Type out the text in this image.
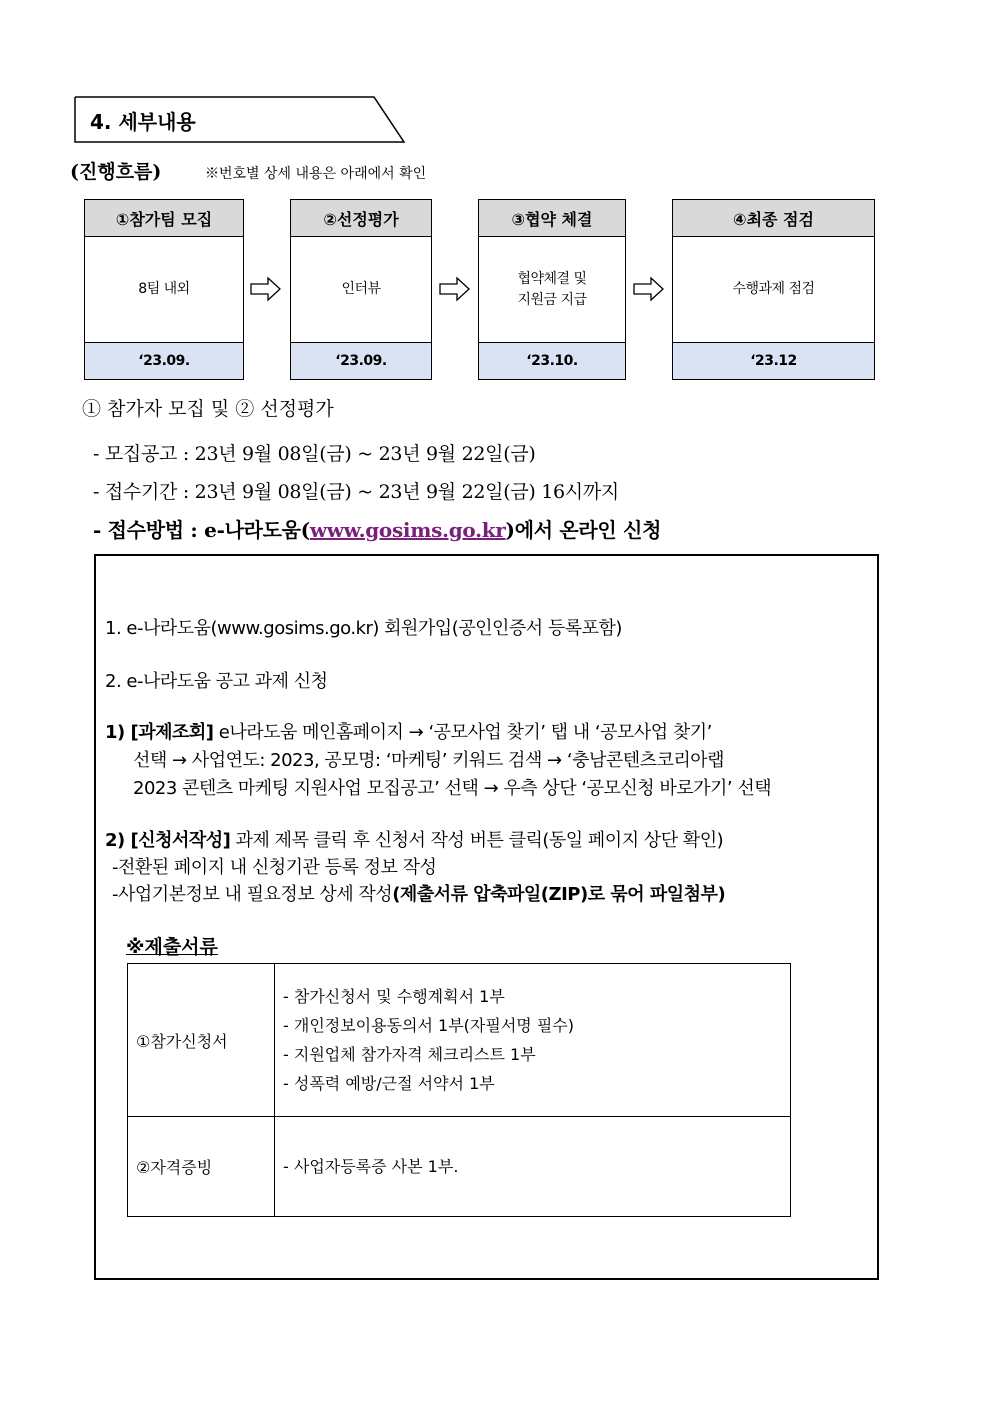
4. 세부내용
(진행흐름)	※번호별 상세 내용은 아래에서 확인
①참가팀 모집
8팀 내외
‘23.09.
②선정평가
인터뷰
‘23.09.
③협약 체결
협약체결 및
지원금 지급
‘23.10.
④최종 점검
수행과제 점검
‘23.12
① 참가자 모집 및 ② 선정평가
- 모집공고 : 23년 9월 08일(금) ~ 23년 9월 22일(금)
- 접수기간 : 23년 9월 08일(금) ~ 23년 9월 22일(금) 16시까지
- 접수방법 : e-나라도움(www.gosims.go.kr)에서 온라인 신청
1. e-나라도움(www.gosims.go.kr) 회원가입(공인인증서 등록포함)
2. e-나라도움 공고 과제 신청
1) [과제조회] e나라도움 메인홈페이지 → ‘공모사업 찾기’ 탭 내 ‘공모사업 찾기’
선택 → 사업연도: 2023, 공모명: ‘마케팅’ 키워드 검색 → ‘충남콘텐츠코리아랩
2023 콘텐츠 마케팅 지원사업 모집공고’ 선택 → 우측 상단 ‘공모신청 바로가기’ 선택
2) [신청서작성] 과제 제목 클릭 후 신청서 작성 버튼 클릭(동일 페이지 상단 확인)
-전환된 페이지 내 신청기관 등록 정보 작성
-사업기본정보 내 필요정보 상세 작성(제출서류 압축파일(ZIP)로 묶어 파일첨부)
※제출서류
①참가신청서	- 참가신청서 및 수행계획서 1부
- 개인정보이용동의서 1부(자필서명 필수)
- 지원업체 참가자격 체크리스트 1부
- 성폭력 예방/근절 서약서 1부

②자격증빙	- 사업자등록증 사본 1부.
